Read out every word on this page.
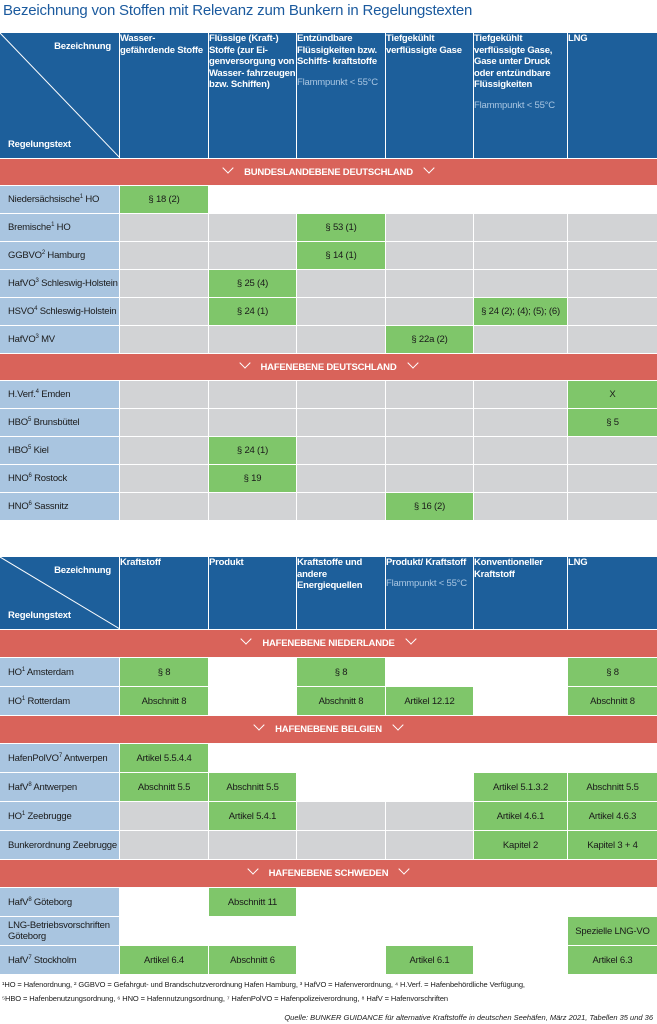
Bezeichnung von Stoffen mit Relevanz zum Bunkern in Regelungstexten
Bezeichnung
Regelungstext	Wasser- gefährdende Stoffe	Flüssige (Kraft-) Stoffe (zur Ei- genversorgung von Wasser- fahrzeugen bzw. Schiffen)	Entzündbare Flüssigkeiten bzw. Schiffs- kraftstoffe
Flammpunkt < 55°C	Tiefgekühlt verflüssigte Gase	Tiefgekühlt verflüssigte Gase, Gase unter Druck oder entzündbare Flüssigkeiten
Flammpunkt < 55°C	LNG
BUNDESLANDEBENE DEUTSCHLAND						
Niedersächsische$^1$ HO	§ 18 (2)					
Bremische$^1$ HO			§ 53 (1)			
GGBVO$^2$ Hamburg			§ 14 (1)			
HafVO$^3$ Schleswig-Holstein		§ 25 (4)				
HSVO$^4$ Schleswig-Holstein		§ 24 (1)			§ 24 (2); (4); (5); (6)	
HafVO$^3$ MV				§ 22a (2)		
HAFENEBENE DEUTSCHLAND						
H.Verf.$^4$ Emden						X
HBO$^5$ Brunsbüttel						§ 5
HBO$^5$ Kiel		§ 24 (1)				
HNO$^6$ Rostock		§ 19				
HNO$^6$ Sassnitz				§ 16 (2)		
Bezeichnung
Regelungstext	Kraftstoff	Produkt	Kraftstoffe und andere Energiequellen	Produkt/ Kraftstoff
Flammpunkt < 55°C	Konventioneller Kraftstoff	LNG
HAFENEBENE NIEDERLANDE						
$HO^1$ Amsterdam	§ 8		§ 8			§ 8
$HO^1$ Rotterdam	Abschnitt 8		Abschnitt 8	Artikel 12.12		Abschnitt 8
HAFENEBENE BELGIEN						
HafenPolVO$^7$ Antwerpen	Artikel 5.5.4.4					
HafV$^8$ Antwerpen	Abschnitt 5.5	Abschnitt 5.5			Artikel 5.1.3.2	Abschnitt 5.5
$HO^1$ Zeebrugge		Artikel 5.4.1			Artikel 4.6.1	Artikel 4.6.3
Bunkerordnung Zeebrugge					Kapitel 2	Kapitel 3 + 4
HAFENEBENE SCHWEDEN						
HafV$^8$ Göteborg		Abschnitt 11				
LNG-Betriebsvorschriften Göteborg						Spezielle LNG-VO
HafV$^7$ Stockholm	Artikel 6.4	Abschnitt 6		Artikel 6.1		Artikel 6.3
¹HO = Hafenordnung, ² GGBVO = Gefahrgut- und Brandschutzverordnung Hafen Hamburg, ³ HafVO = Hafenverordnung, ⁴ H.Verf. = Hafenbehördliche Verfügung,
⁵HBO = Hafenbenutzungsordnung, ⁶ HNO = Hafennutzungsordnung, ⁷ HafenPolVO = Hafenpolizeiverordnung, ⁸ HafV = Hafenvorschriften
Quelle: BUNKER GUIDANCE für alternative Kraftstoffe in deutschen Seehäfen, März 2021, Tabellen 35 und 36
